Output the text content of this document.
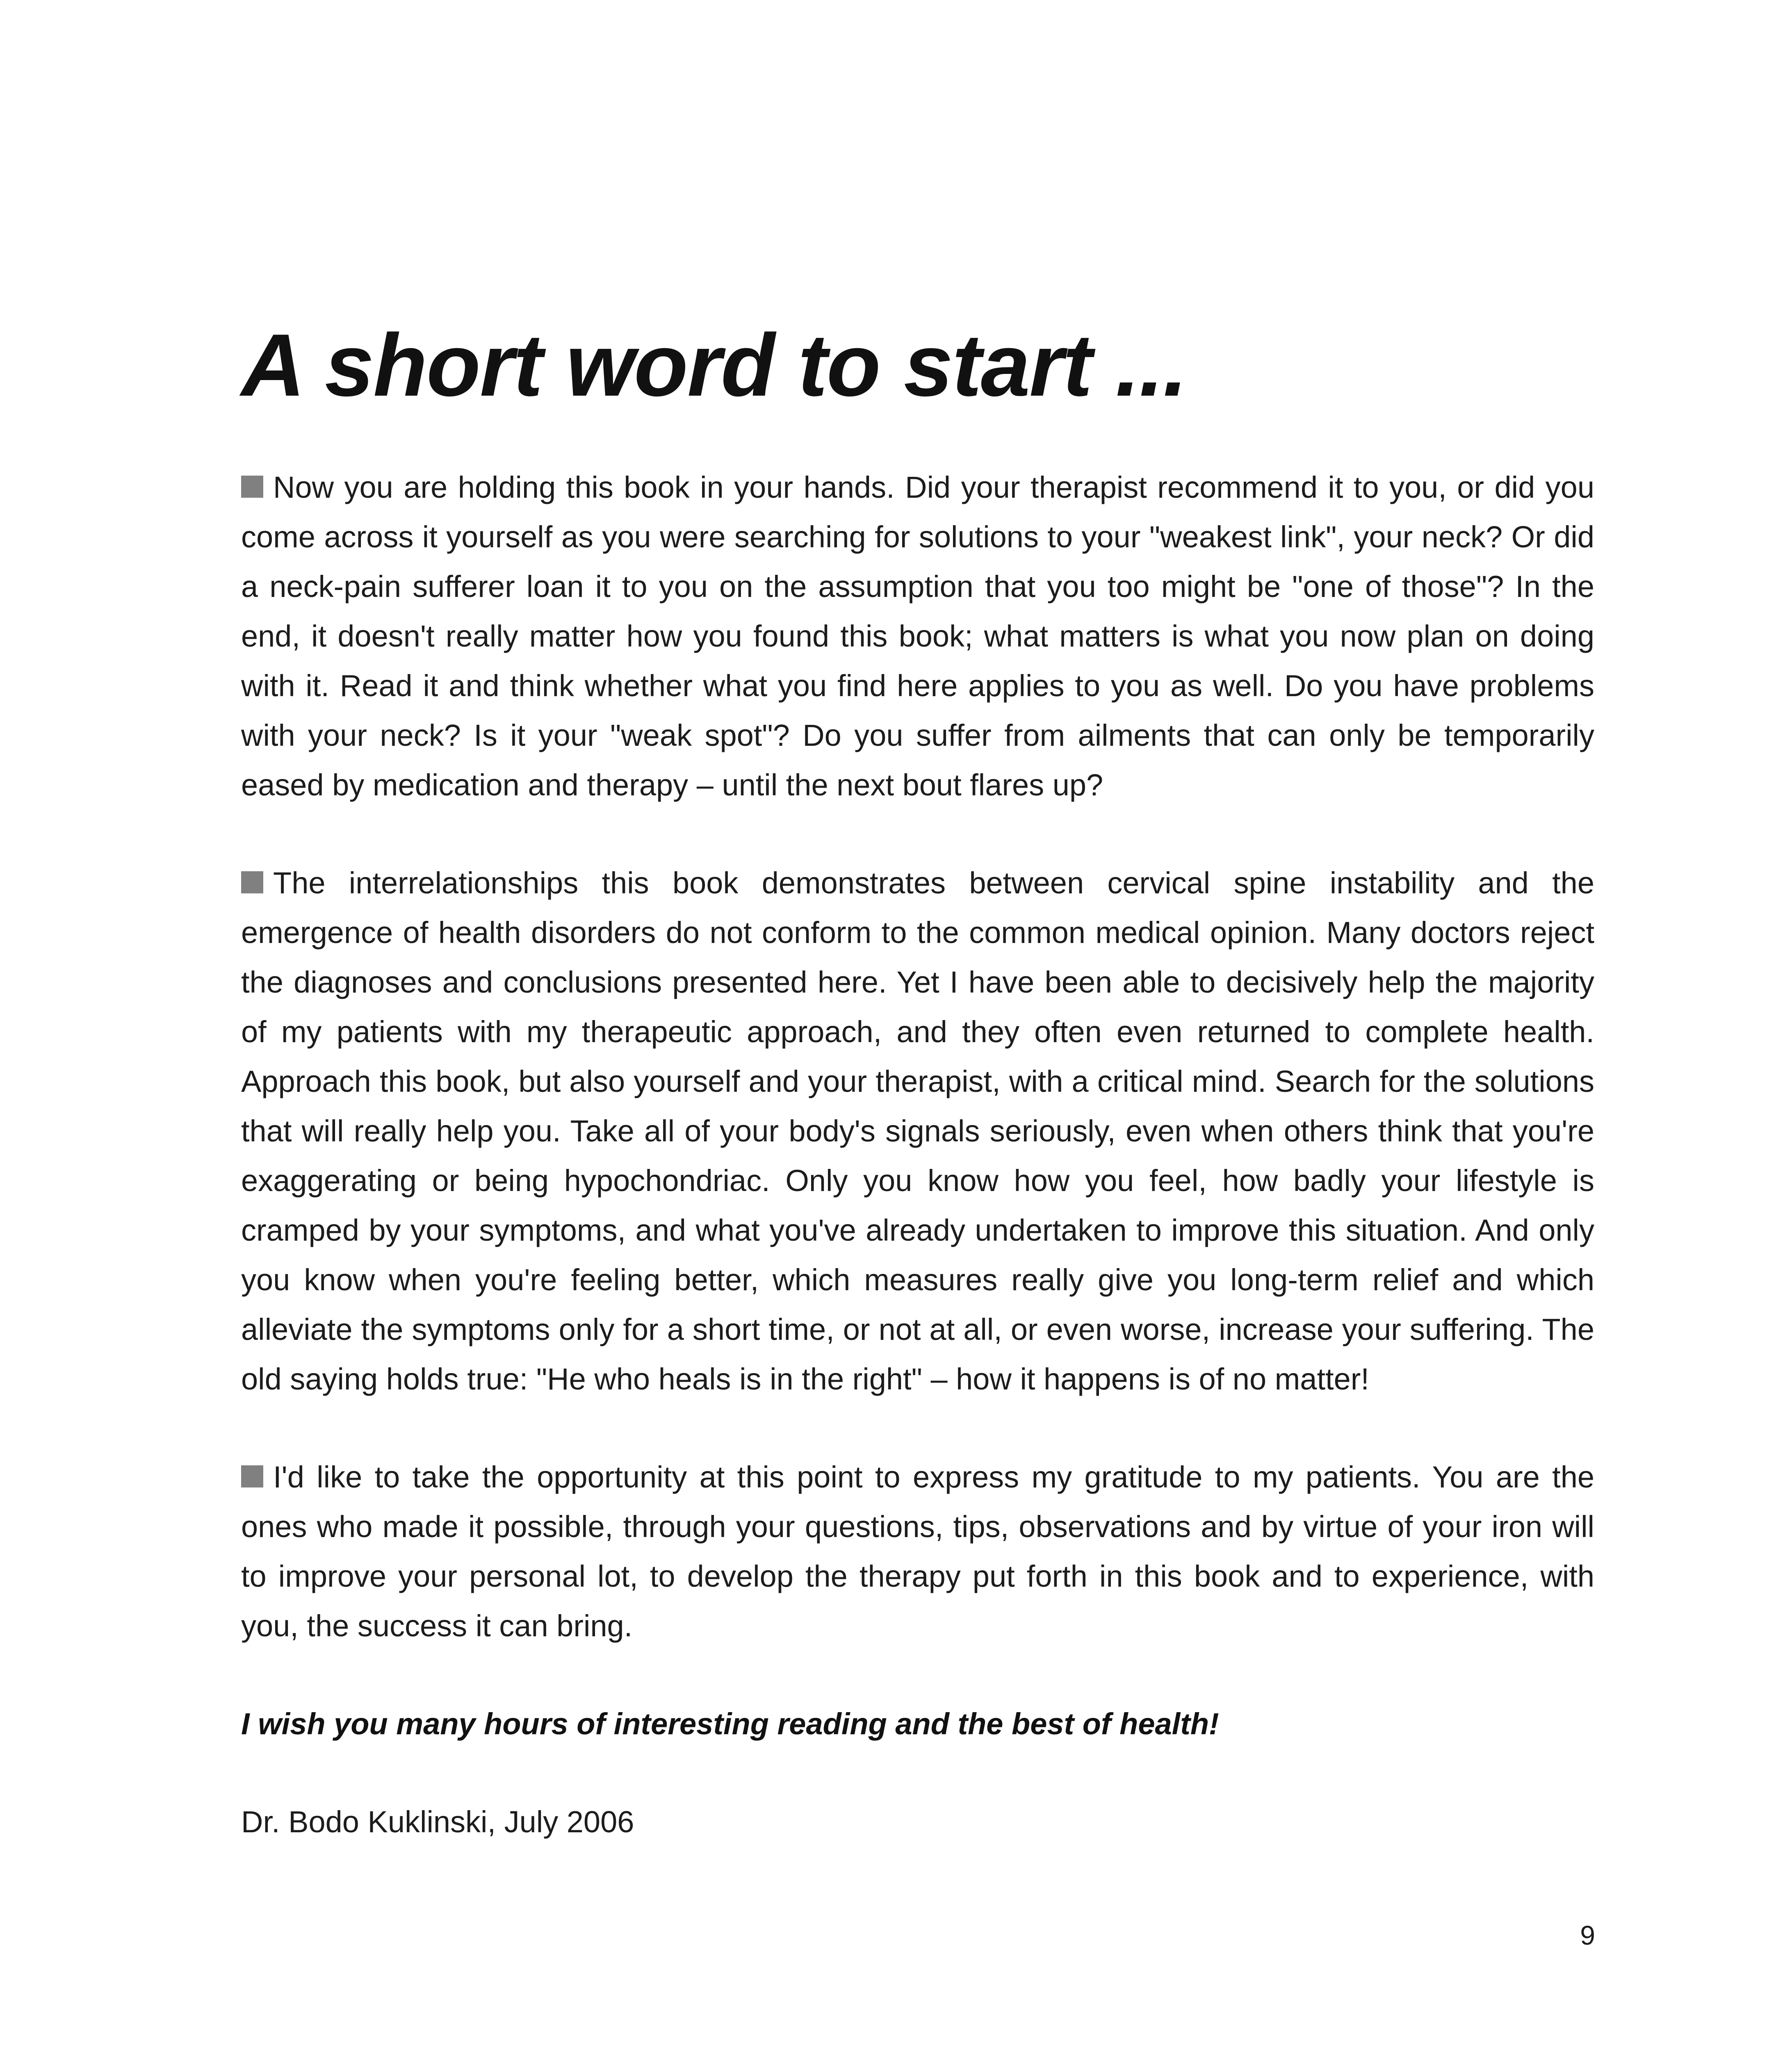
A short word to start ...

Now you are holding this book in your hands. Did your therapist recommend it to you, or did you come across it yourself as you were searching for solutions to your "weakest link", your neck? Or did a neck-pain sufferer loan it to you on the assumption that you too might be "one of those"? In the end, it doesn't really matter how you found this book; what matters is what you now plan on doing with it. Read it and think whether what you find here applies to you as well. Do you have problems with your neck? Is it your "weak spot"? Do you suffer from ailments that can only be temporarily eased by medication and therapy – until the next bout flares up?

The interrelationships this book demonstrates between cervical spine instability and the emergence of health disorders do not conform to the common medical opinion. Many doctors reject the diagnoses and conclusions presented here. Yet I have been able to decisively help the majority of my patients with my therapeutic approach, and they often even returned to complete health. Approach this book, but also yourself and your therapist, with a critical mind. Search for the solutions that will really help you. Take all of your body's signals seriously, even when others think that you're exaggerating or being hypochondriac. Only you know how you feel, how badly your lifestyle is cramped by your symptoms, and what you've already undertaken to improve this situation. And only you know when you're feeling better, which measures really give you long-term relief and which alleviate the symptoms only for a short time, or not at all, or even worse, increase your suffering. The old saying holds true: "He who heals is in the right" – how it happens is of no matter!

I'd like to take the opportunity at this point to express my gratitude to my patients. You are the ones who made it possible, through your questions, tips, observations and by virtue of your iron will to improve your personal lot, to develop the therapy put forth in this book and to experience, with you, the success it can bring.

I wish you many hours of interesting reading and the best of health!

Dr. Bodo Kuklinski, July 2006

9
